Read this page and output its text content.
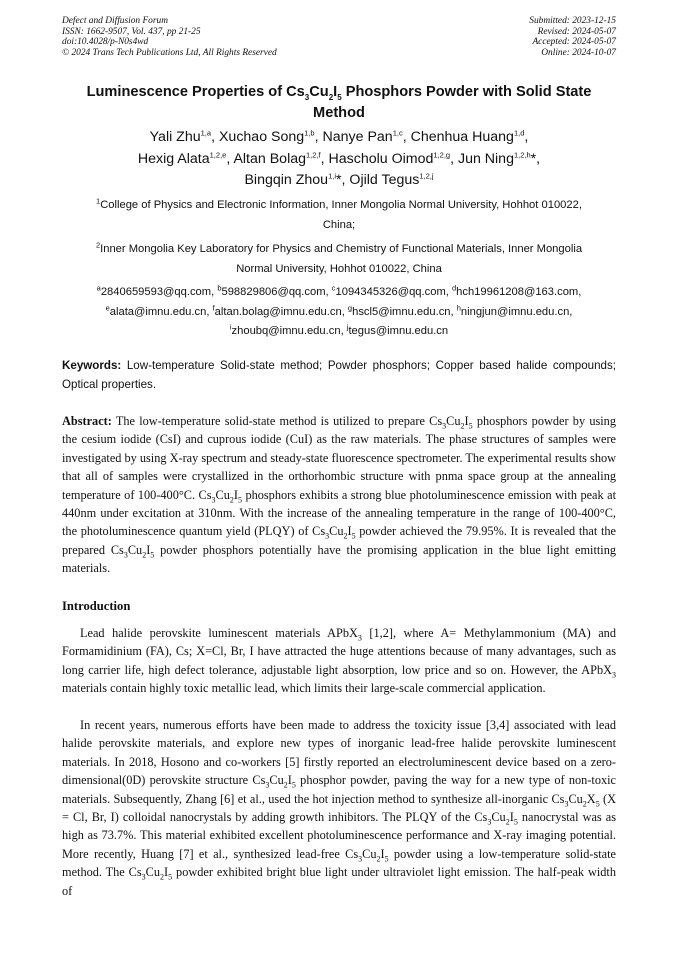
Defect and Diffusion Forum
ISSN: 1662-9507, Vol. 437, pp 21-25
doi:10.4028/p-N0s4wd
© 2024 Trans Tech Publications Ltd, All Rights Reserved
Submitted: 2023-12-15
Revised: 2024-05-07
Accepted: 2024-05-07
Online: 2024-10-07
Luminescence Properties of $Cs_3Cu_2I_5$ Phosphors Powder with Solid State Method
Yali Zhu$^{1,a}$, Xuchao Song$^{1,b}$, Nanye Pan$^{1,c}$, Chenhua Huang$^{1,d}$,
Hexig Alata$^{1,2,e}$, Altan Bolag$^{1,2,f}$, Hascholu Oimod$^{1,2,g}$, Jun Ning$^{1,2,h}$*,
Bingqin Zhou$^{1,i}$*, Ojild Tegus$^{1,2,j}$
$^1$College of Physics and Electronic Information, Inner Mongolia Normal University, Hohhot 010022, China;
$^2$Inner Mongolia Key Laboratory for Physics and Chemistry of Functional Materials, Inner Mongolia Normal University, Hohhot 010022, China
$^a$2840659593@qq.com, $^b$598829806@qq.com, $^c$1094345326@qq.com, $^d$hch19961208@163.com,
$^e$alata@imnu.edu.cn, $^f$altan.bolag@imnu.edu.cn, $^g$hscl5@imnu.edu.cn, $^h$ningjun@imnu.edu.cn,
$^i$zhoubq@imnu.edu.cn, $^j$tegus@imnu.edu.cn
Keywords: Low-temperature Solid-state method; Powder phosphors; Copper based halide compounds; Optical properties.
Abstract: The low-temperature solid-state method is utilized to prepare $Cs_3Cu_2I_5$ phosphors powder by using the cesium iodide (CsI) and cuprous iodide (CuI) as the raw materials. The phase structures of samples were investigated by using X-ray spectrum and steady-state fluorescence spectrometer. The experimental results show that all of samples were crystallized in the orthorhombic structure with pnma space group at the annealing temperature of 100-400°C. $Cs_3Cu_2I_5$ phosphors exhibits a strong blue photoluminescence emission with peak at 440nm under excitation at 310nm. With the increase of the annealing temperature in the range of 100-400°C, the photoluminescence quantum yield (PLQY) of $Cs_3Cu_2I_5$ powder achieved the 79.95%. It is revealed that the prepared $Cs_3Cu_2I_5$ powder phosphors potentially have the promising application in the blue light emitting materials.
Introduction
Lead halide perovskite luminescent materials APbX$_3$ [1,2], where A= Methylammonium (MA) and Formamidinium (FA), Cs; X=Cl, Br, I have attracted the huge attentions because of many advantages, such as long carrier life, high defect tolerance, adjustable light absorption, low price and so on. However, the APbX$_3$ materials contain highly toxic metallic lead, which limits their large-scale commercial application.
In recent years, numerous efforts have been made to address the toxicity issue [3,4] associated with lead halide perovskite materials, and explore new types of inorganic lead-free halide perovskite luminescent materials. In 2018, Hosono and co-workers [5] firstly reported an electroluminescent device based on a zero-dimensional(0D) perovskite structure $Cs_3Cu_2I_5$ phosphor powder, paving the way for a new type of non-toxic materials. Subsequently, Zhang [6] et al., used the hot injection method to synthesize all-inorganic $Cs_3Cu_2X_5$ (X = Cl, Br, I) colloidal nanocrystals by adding growth inhibitors. The PLQY of the $Cs_3Cu_2I_5$ nanocrystal was as high as 73.7%. This material exhibited excellent photoluminescence performance and X-ray imaging potential. More recently, Huang [7] et al., synthesized lead-free $Cs_3Cu_2I_5$ powder using a low-temperature solid-state method. The $Cs_3Cu_2I_5$ powder exhibited bright blue light under ultraviolet light emission. The half-peak width of
